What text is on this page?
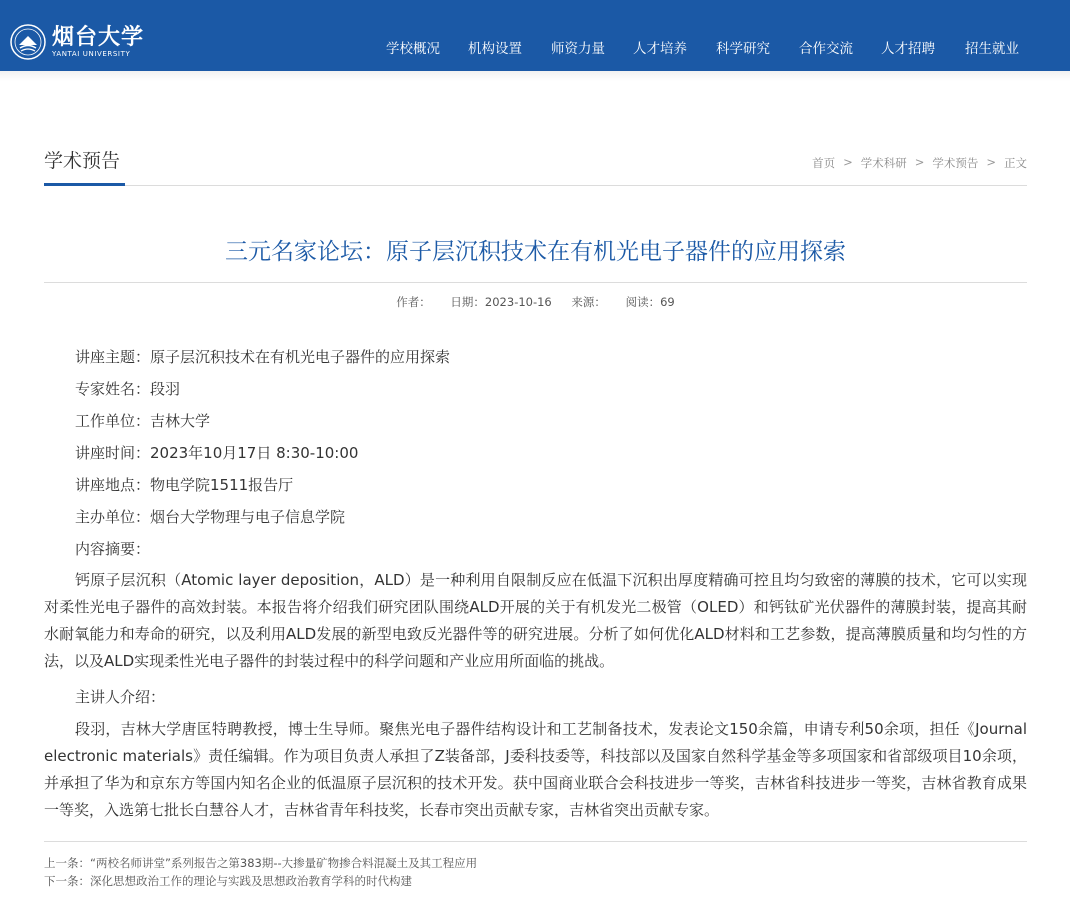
烟台大学
YANTAI UNIVERSITY	学校概况 机构设置 师资力量 人才培养 科学研究 合作交流 人才招聘 招生就业
学术预告	首页 > 学术科研 > 学术预告 > 正文
三元名家论坛：原子层沉积技术在有机光电子器件的应用探索
作者： 日期：2023-10-16 来源： 阅读：69
讲座主题：原子层沉积技术在有机光电子器件的应用探索
专家姓名：段羽
工作单位：吉林大学
讲座时间：2023年10月17日 8:30-10:00
讲座地点：物电学院1511报告厅
主办单位：烟台大学物理与电子信息学院
内容摘要：
钙原子层沉积（Atomic layer deposition，ALD）是一种利用自限制反应在低温下沉积出厚度精确可控且均匀致密的薄膜的技术，它可以实现对柔性光电子器件的高效封装。本报告将介绍我们研究团队围绕ALD开展的关于有机发光二极管（OLED）和钙钛矿光伏器件的薄膜封装，提高其耐水耐氧能力和寿命的研究，以及利用ALD发展的新型电致反光器件等的研究进展。分析了如何优化ALD材料和工艺参数，提高薄膜质量和均匀性的方法，以及ALD实现柔性光电子器件的封装过程中的科学问题和产业应用所面临的挑战。
主讲人介绍：
段羽，吉林大学唐匡特聘教授，博士生导师。聚焦光电子器件结构设计和工艺制备技术，发表论文150余篇，申请专利50余项，担任《Journal electronic materials》责任编辑。作为项目负责人承担了Z装备部，J委科技委等，科技部以及国家自然科学基金等多项国家和省部级项目10余项，并承担了华为和京东方等国内知名企业的低温原子层沉积的技术开发。获中国商业联合会科技进步一等奖，吉林省科技进步一等奖，吉林省教育成果一等奖，入选第七批长白慧谷人才，吉林省青年科技奖，长春市突出贡献专家，吉林省突出贡献专家。
上一条：“两校名师讲堂”系列报告之第383期--大掺量矿物掺合料混凝土及其工程应用
下一条：深化思想政治工作的理论与实践及思想政治教育学科的时代构建
